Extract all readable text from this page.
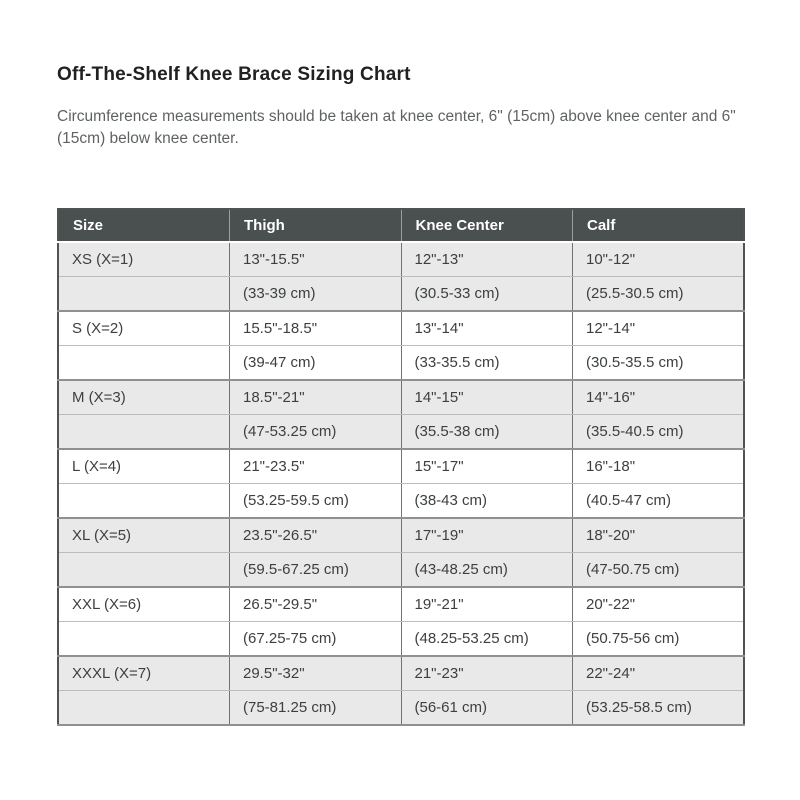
Off-The-Shelf Knee Brace Sizing Chart

Circumference measurements should be taken at knee center, 6" (15cm) above knee center and 6" (15cm) below knee center.

Size	Thigh	Knee Center	Calf
XS (X=1)	13"-15.5"	12"-13"	10"-12"
	(33-39 cm)	(30.5-33 cm)	(25.5-30.5 cm)
S (X=2)	15.5"-18.5"	13"-14"	12"-14"
	(39-47 cm)	(33-35.5 cm)	(30.5-35.5 cm)
M (X=3)	18.5"-21"	14"-15"	14"-16"
	(47-53.25 cm)	(35.5-38 cm)	(35.5-40.5 cm)
L (X=4)	21"-23.5"	15"-17"	16"-18"
	(53.25-59.5 cm)	(38-43 cm)	(40.5-47 cm)
XL (X=5)	23.5"-26.5"	17"-19"	18"-20"
	(59.5-67.25 cm)	(43-48.25 cm)	(47-50.75 cm)
XXL (X=6)	26.5"-29.5"	19"-21"	20"-22"
	(67.25-75 cm)	(48.25-53.25 cm)	(50.75-56 cm)
XXXL (X=7)	29.5"-32"	21"-23"	22"-24"
	(75-81.25 cm)	(56-61 cm)	(53.25-58.5 cm)
